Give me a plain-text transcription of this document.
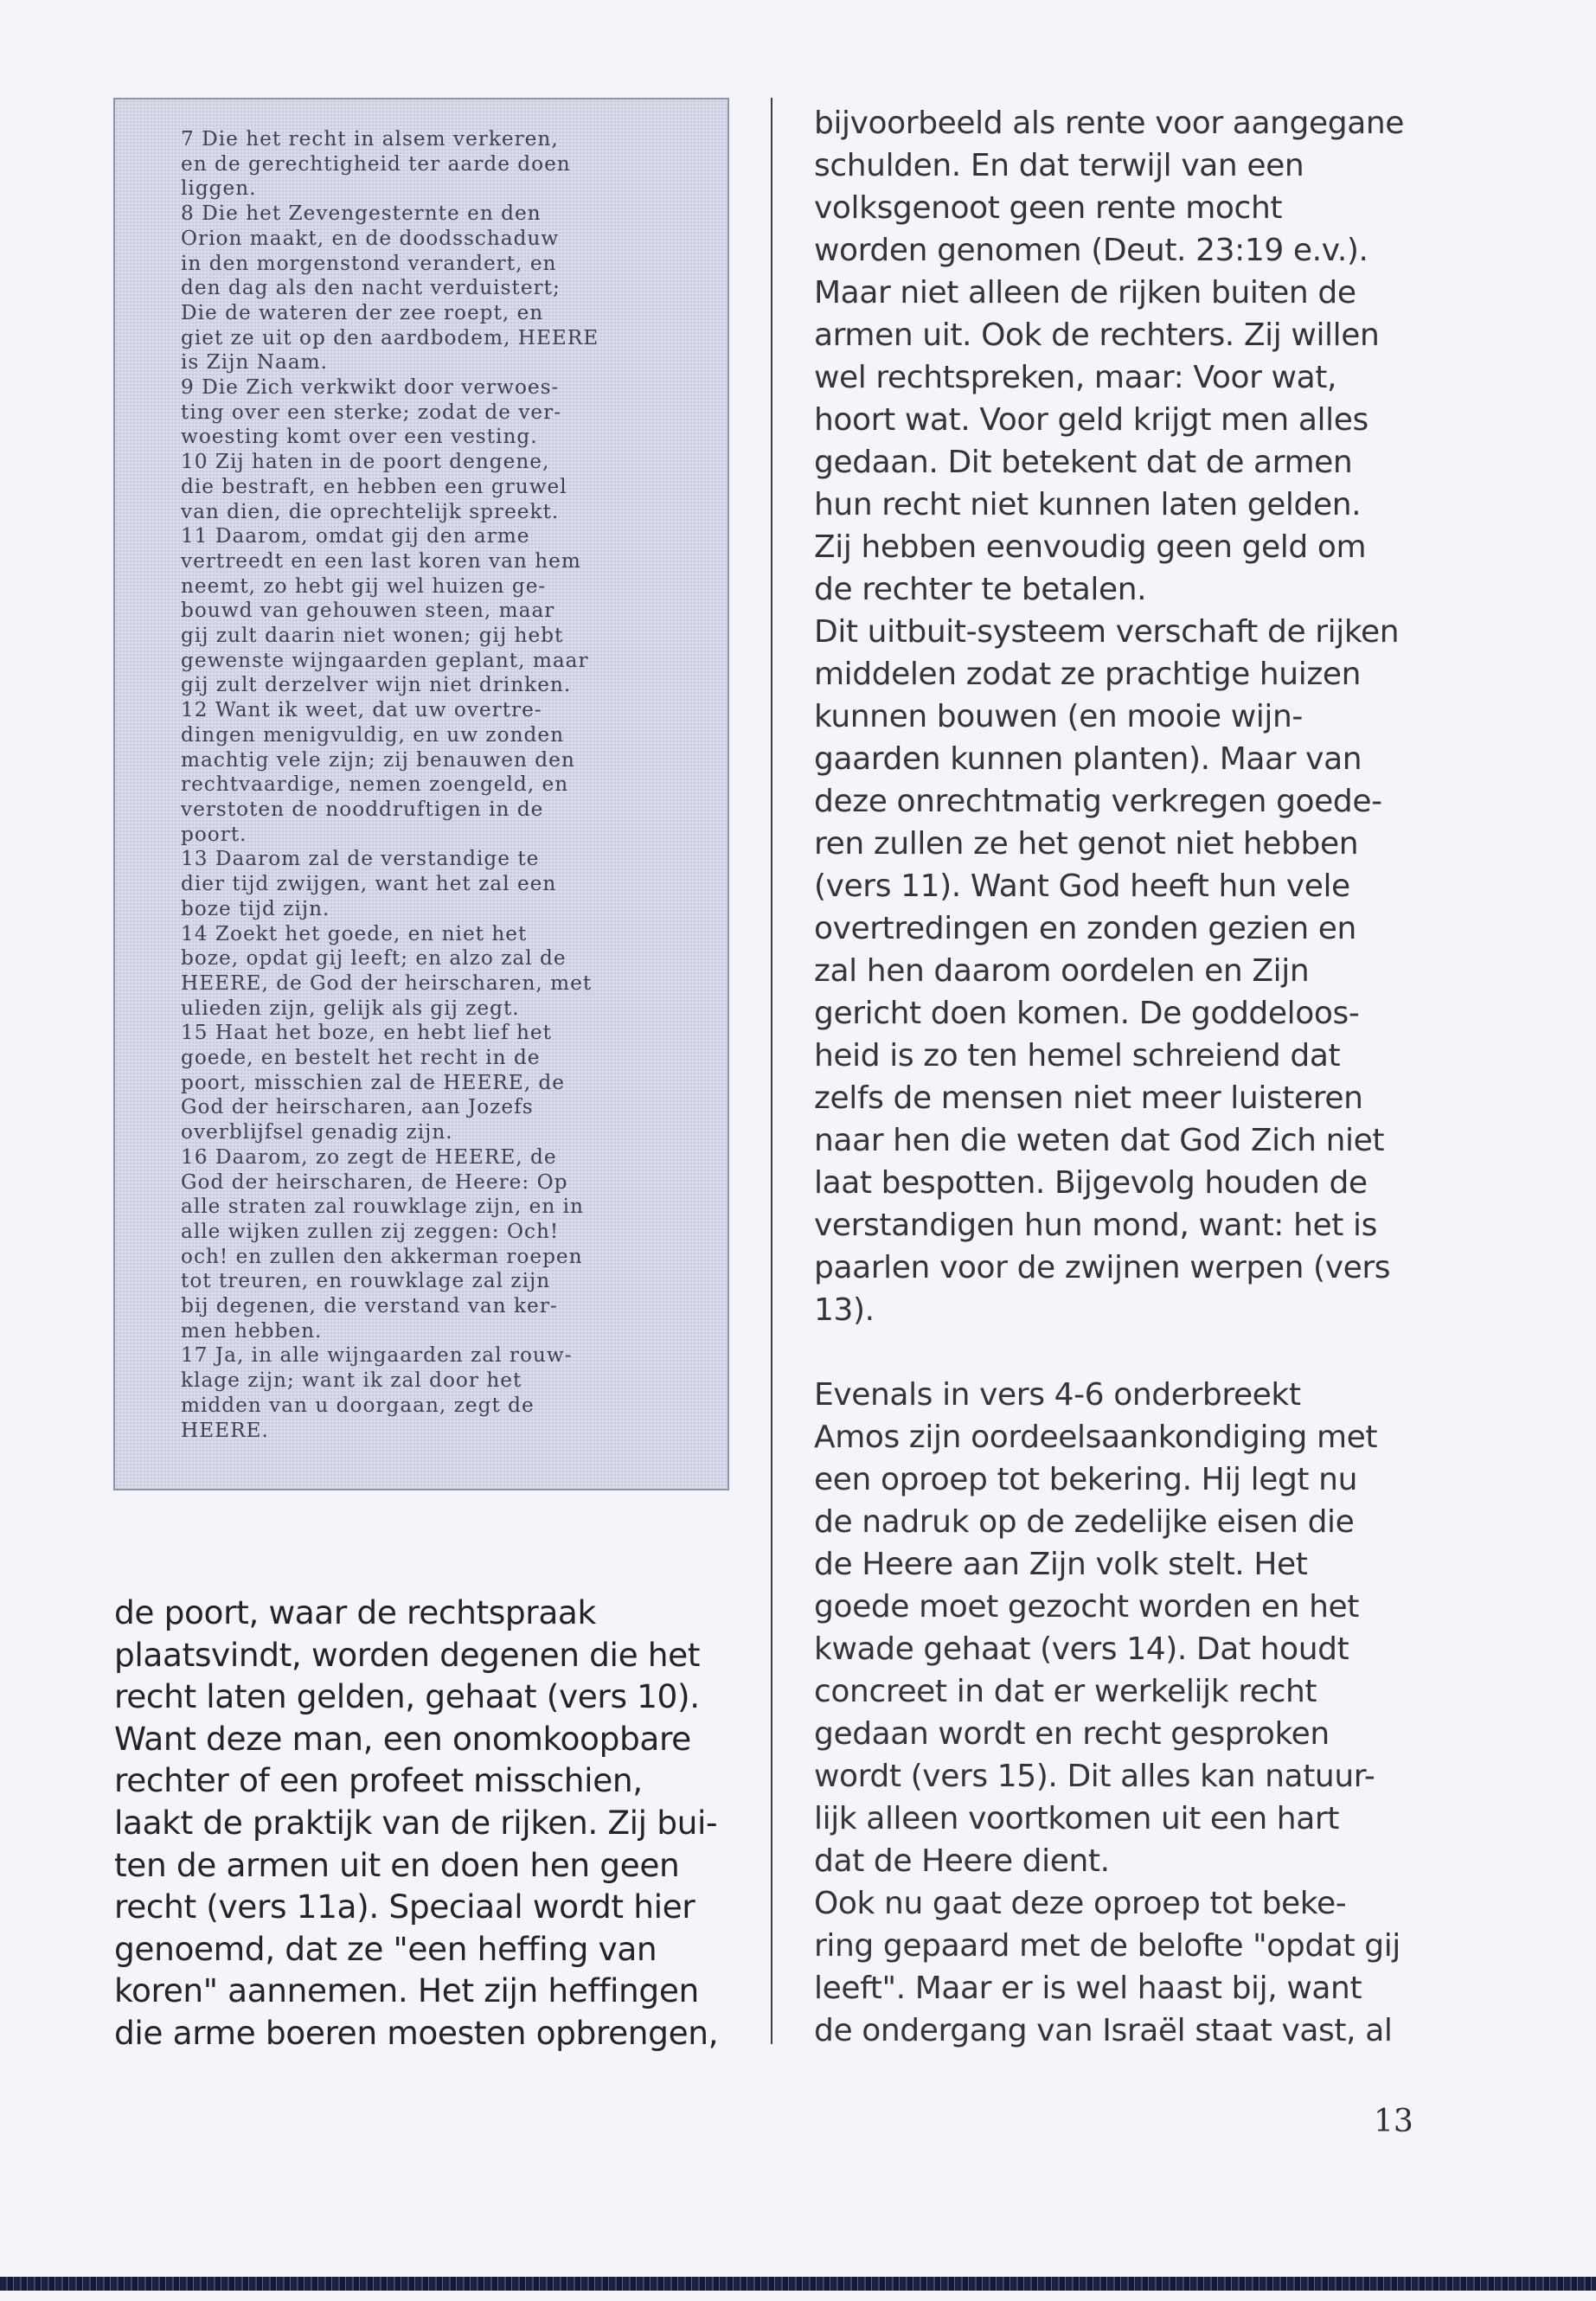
7 Die het recht in alsem verkeren,
en de gerechtigheid ter aarde doen
liggen.

8 Die het Zevengesternte en den
Orion maakt, en de doodsschaduw
in den morgenstond verandert, en
den dag als den nacht verduistert;
Die de wateren der zee roept, en
giet ze uit op den aardbodem, HEERE
is Zijn Naam.

9 Die Zich verkwikt door verwoes-
ting over een sterke; zodat de ver-
woesting komt over een vesting.

10 Zij haten in de poort dengene,
die bestraft, en hebben een gruwel
van dien, die oprechtelijk spreekt.

11 Daarom, omdat gij den arme
vertreedt en een last koren van hem
neemt, zo hebt gij wel huizen ge-
bouwd van gehouwen steen, maar
gij zult daarin niet wonen; gij hebt
gewenste wijngaarden geplant, maar
gij zult derzelver wijn niet drinken.

12 Want ik weet, dat uw overtre-
dingen menigvuldig, en uw zonden
machtig vele zijn; zij benauwen den
rechtvaardige, nemen zoengeld, en
verstoten de nooddruftigen in de
poort.

13 Daarom zal de verstandige te
dier tijd zwijgen, want het zal een
boze tijd zijn.

14 Zoekt het goede, en niet het
boze, opdat gij leeft; en alzo zal de
HEERE, de God der heirscharen, met
ulieden zijn, gelijk als gij zegt.

15 Haat het boze, en hebt lief het
goede, en bestelt het recht in de
poort, misschien zal de HEERE, de
God der heirscharen, aan Jozefs
overblijfsel genadig zijn.

16 Daarom, zo zegt de HEERE, de
God der heirscharen, de Heere: Op
alle straten zal rouwklage zijn, en in
alle wijken zullen zij zeggen: Och!
och! en zullen den akkerman roepen
tot treuren, en rouwklage zal zijn
bij degenen, die verstand van ker-
men hebben.

17 Ja, in alle wijngaarden zal rouw-
klage zijn; want ik zal door het
midden van u doorgaan, zegt de
HEERE.

de poort, waar de rechtspraak
plaatsvindt, worden degenen die het
recht laten gelden, gehaat (vers 10).
Want deze man, een onomkoopbare
rechter of een profeet misschien,
laakt de praktijk van de rijken. Zij bui-
ten de armen uit en doen hen geen
recht (vers 11a). Speciaal wordt hier
genoemd, dat ze "een heffing van
koren" aannemen. Het zijn heffingen
die arme boeren moesten opbrengen,

bijvoorbeeld als rente voor aangegane
schulden. En dat terwijl van een
volksgenoot geen rente mocht
worden genomen (Deut. 23:19 e.v.).
Maar niet alleen de rijken buiten de
armen uit. Ook de rechters. Zij willen
wel rechtspreken, maar: Voor wat,
hoort wat. Voor geld krijgt men alles
gedaan. Dit betekent dat de armen
hun recht niet kunnen laten gelden.
Zij hebben eenvoudig geen geld om
de rechter te betalen.

Dit uitbuit-systeem verschaft de rijken
middelen zodat ze prachtige huizen
kunnen bouwen (en mooie wijn-
gaarden kunnen planten). Maar van
deze onrechtmatig verkregen goede-
ren zullen ze het genot niet hebben
(vers 11). Want God heeft hun vele
overtredingen en zonden gezien en
zal hen daarom oordelen en Zijn
gericht doen komen. De goddeloos-
heid is zo ten hemel schreiend dat
zelfs de mensen niet meer luisteren
naar hen die weten dat God Zich niet
laat bespotten. Bijgevolg houden de
verstandigen hun mond, want: het is
paarlen voor de zwijnen werpen (vers
13).

Evenals in vers 4-6 onderbreekt
Amos zijn oordeelsaankondiging met
een oproep tot bekering. Hij legt nu
de nadruk op de zedelijke eisen die
de Heere aan Zijn volk stelt. Het
goede moet gezocht worden en het
kwade gehaat (vers 14). Dat houdt
concreet in dat er werkelijk recht
gedaan wordt en recht gesproken
wordt (vers 15). Dit alles kan natuur-
lijk alleen voortkomen uit een hart
dat de Heere dient.

Ook nu gaat deze oproep tot beke-
ring gepaard met de belofte "opdat gij
leeft". Maar er is wel haast bij, want
de ondergang van Israël staat vast, al

13
